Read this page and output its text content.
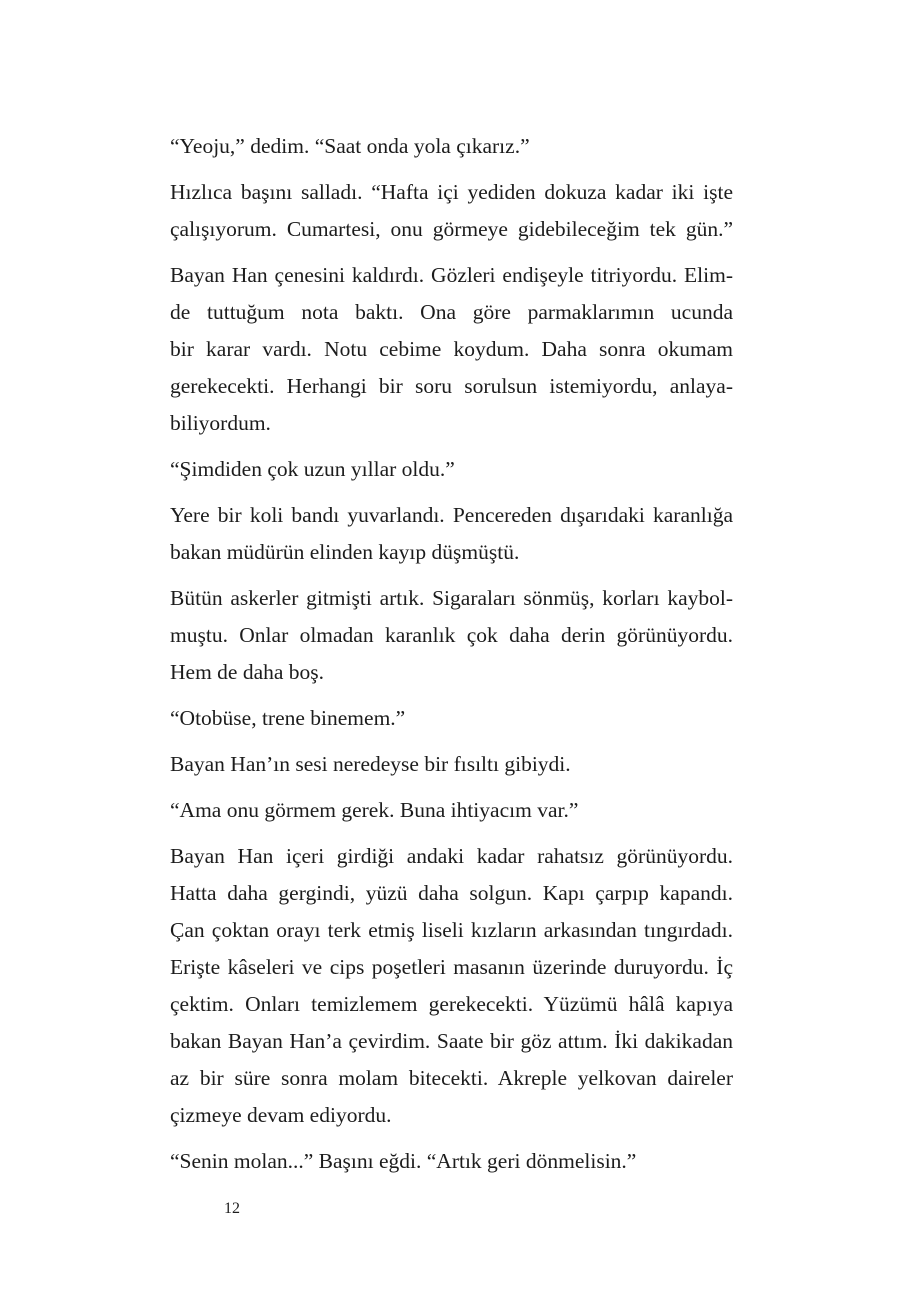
“Yeoju,” dedim. “Saat onda yola çıkarız.”
Hızlıca başını salladı. “Hafta içi yediden dokuza kadar iki işte
çalışıyorum. Cumartesi, onu görmeye gidebileceğim tek gün.”
Bayan Han çenesini kaldırdı. Gözleri endişeyle titriyordu. Elim-
de tuttuğum nota baktı. Ona göre parmaklarımın ucunda
bir karar vardı. Notu cebime koydum. Daha sonra okumam
gerekecekti. Herhangi bir soru sorulsun istemiyordu, anlaya-
biliyordum.
“Şimdiden çok uzun yıllar oldu.”
Yere bir koli bandı yuvarlandı. Pencereden dışarıdaki karanlığa
bakan müdürün elinden kayıp düşmüştü.
Bütün askerler gitmişti artık. Sigaraları sönmüş, korları kaybol-
muştu. Onlar olmadan karanlık çok daha derin görünüyordu.
Hem de daha boş.
“Otobüse, trene binemem.”
Bayan Han’ın sesi neredeyse bir fısıltı gibiydi.
“Ama onu görmem gerek. Buna ihtiyacım var.”
Bayan Han içeri girdiği andaki kadar rahatsız görünüyordu.
Hatta daha gergindi, yüzü daha solgun. Kapı çarpıp kapandı.
Çan çoktan orayı terk etmiş liseli kızların arkasından tıngırdadı.
Erişte kâseleri ve cips poşetleri masanın üzerinde duruyordu. İç
çektim. Onları temizlemem gerekecekti. Yüzümü hâlâ kapıya
bakan Bayan Han’a çevirdim. Saate bir göz attım. İki dakikadan
az bir süre sonra molam bitecekti. Akreple yelkovan daireler
çizmeye devam ediyordu.
“Senin molan...” Başını eğdi. “Artık geri dönmelisin.”
12
